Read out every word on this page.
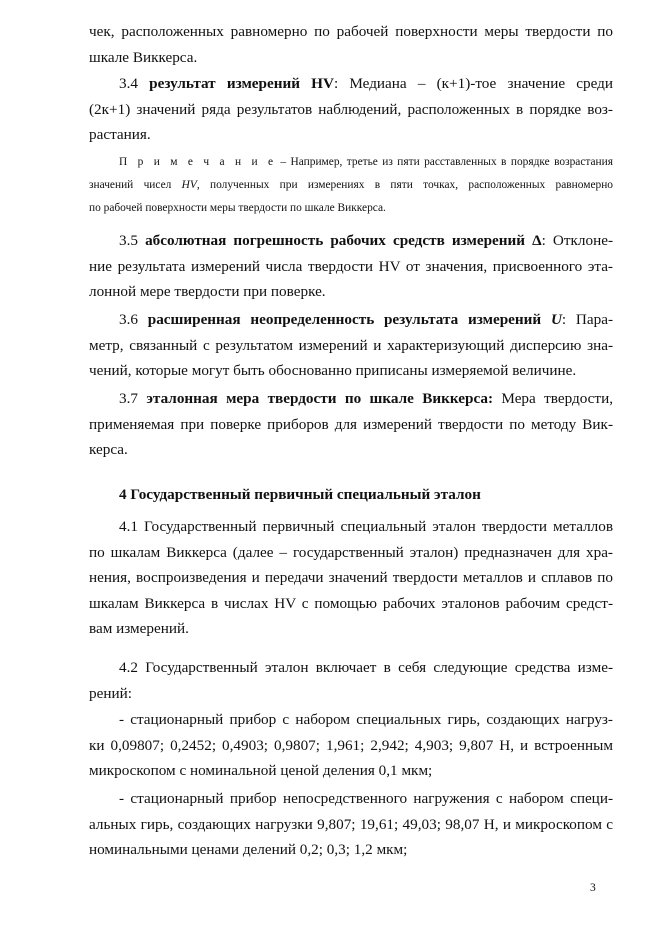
чек, расположенных равномерно по рабочей поверхности меры твердости по
шкале Виккерса.
3.4 результат измерений HV: Медиана – (к+1)-тое значение среди
(2к+1) значений ряда результатов наблюдений, расположенных в порядке воз-
растания.
П р и м е ч а н и е – Например, третье из пяти расставленных в порядке возрастания
значений чисел HV, полученных при измерениях в пяти точках, расположенных равномерно
по рабочей поверхности меры твердости по шкале Виккерса.
3.5 абсолютная погрешность рабочих средств измерений Δ: Отклоне-
ние результата измерений числа твердости HV от значения, присвоенного эта-
лонной мере твердости при поверке.
3.6 расширенная неопределенность результата измерений U: Пара-
метр, связанный с результатом измерений и характеризующий дисперсию зна-
чений, которые могут быть обоснованно приписаны измеряемой величине.
3.7 эталонная мера твердости по шкале Виккерса: Мера твердости,
применяемая при поверке приборов для измерений твердости по методу Вик-
керса.
4 Государственный первичный специальный эталон
4.1 Государственный первичный специальный эталон твердости металлов
по шкалам Виккерса (далее – государственный эталон) предназначен для хра-
нения, воспроизведения и передачи значений твердости металлов и сплавов по
шкалам Виккерса в числах HV с помощью рабочих эталонов рабочим средст-
вам измерений.
4.2 Государственный эталон включает в себя следующие средства изме-
рений:
- стационарный прибор с набором специальных гирь, создающих нагруз-
ки 0,09807; 0,2452; 0,4903; 0,9807; 1,961; 2,942; 4,903; 9,807 Н, и встроенным
микроскопом с номинальной ценой деления 0,1 мкм;
- стационарный прибор непосредственного нагружения с набором специ-
альных гирь, создающих нагрузки 9,807; 19,61; 49,03; 98,07 Н, и микроскопом с
номинальными ценами делений 0,2; 0,3; 1,2 мкм;
3
